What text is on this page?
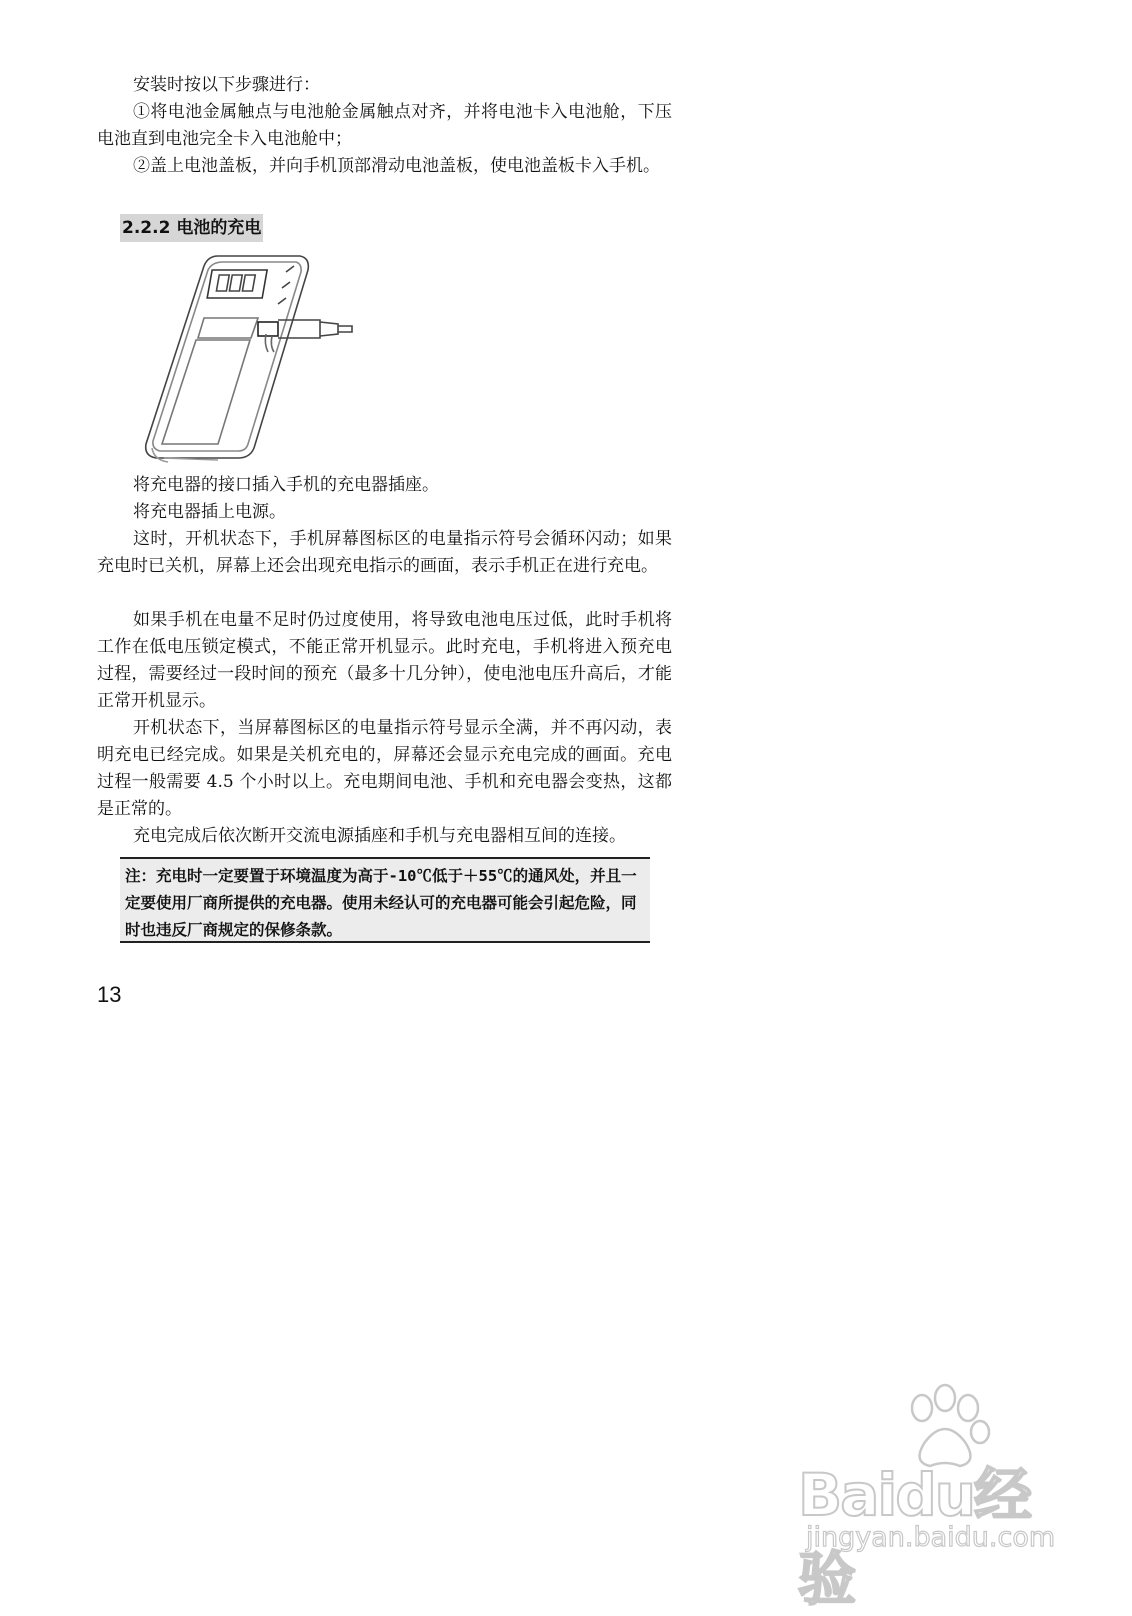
安装时按以下步骤进行：

①将电池金属触点与电池舱金属触点对齐，并将电池卡入电池舱，下压电池直到电池完全卡入电池舱中；

②盖上电池盖板，并向手机顶部滑动电池盖板，使电池盖板卡入手机。

2.2.2 电池的充电

将充电器的接口插入手机的充电器插座。

将充电器插上电源。

这时，开机状态下，手机屏幕图标区的电量指示符号会循环闪动；如果充电时已关机，屏幕上还会出现充电指示的画面，表示手机正在进行充电。

如果手机在电量不足时仍过度使用，将导致电池电压过低，此时手机将工作在低电压锁定模式，不能正常开机显示。此时充电，手机将进入预充电过程，需要经过一段时间的预充（最多十几分钟），使电池电压升高后，才能正常开机显示。

开机状态下，当屏幕图标区的电量指示符号显示全满，并不再闪动，表明充电已经完成。如果是关机充电的，屏幕还会显示充电完成的画面。充电过程一般需要 4.5 个小时以上。充电期间电池、手机和充电器会变热，这都是正常的。

充电完成后依次断开交流电源插座和手机与充电器相互间的连接。

注：充电时一定要置于环境温度为高于-10℃低于＋55℃的通风处，并且一定要使用厂商所提供的充电器。使用未经认可的充电器可能会引起危险，同时也违反厂商规定的保修条款。
13
Baidu经验
jingyan.baidu.com
